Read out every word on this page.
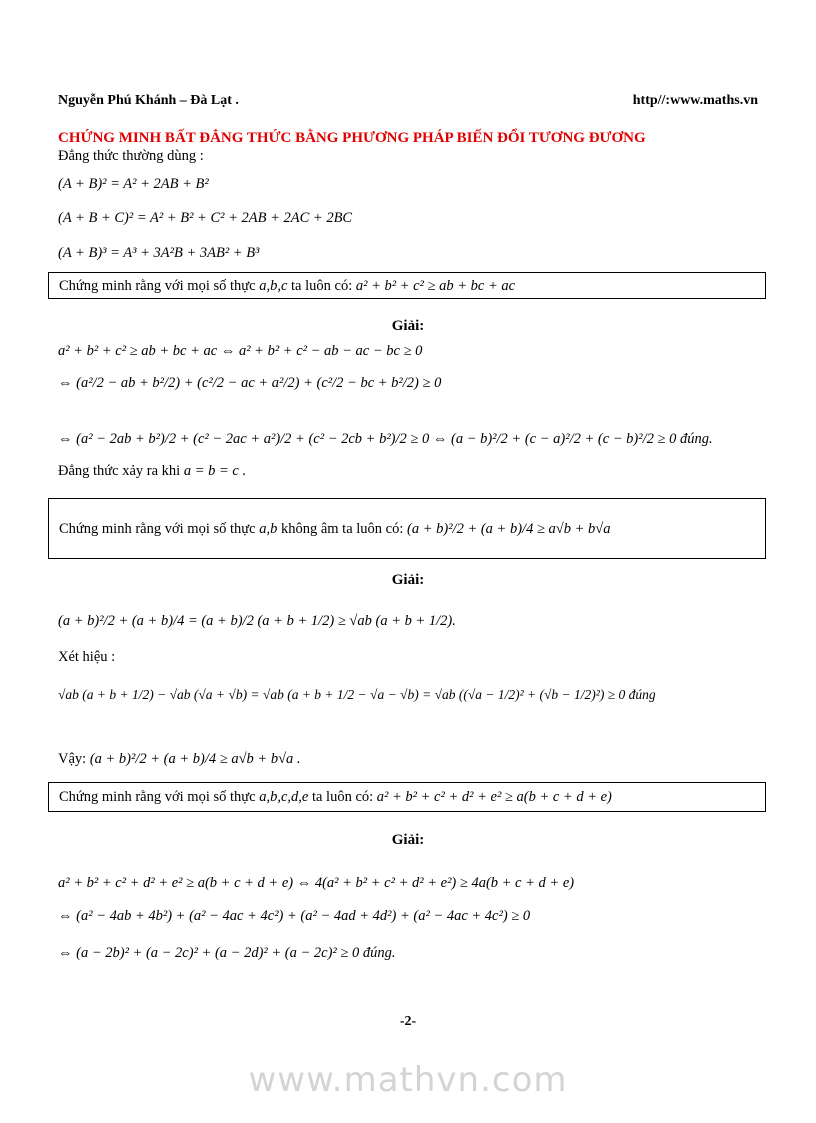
Nguyễn Phú Khánh – Đà Lạt .	http//:www.maths.vn
CHỨNG MINH BẤT ĐẲNG THỨC BẰNG PHƯƠNG PHÁP BIẾN ĐỔI TƯƠNG ĐƯƠNG
Đẳng thức thường dùng :
(A + B)² = A² + 2AB + B²
(A + B + C)² = A² + B² + C² + 2AB + 2AC + 2BC
(A + B)³ = A³ + 3A²B + 3AB² + B³
Chứng minh rằng với mọi số thực a,b,c ta luôn có: a² + b² + c² ≥ ab + bc + ac
Giải:
a² + b² + c² ≥ ab + bc + ac ⇔ a² + b² + c² − ab − ac − bc ≥ 0
⇔ (a²/2 − ab + b²/2) + (c²/2 − ac + a²/2) + (c²/2 − bc + b²/2) ≥ 0
⇔ (a² − 2ab + b²)/2 + (c² − 2ac + a²)/2 + (c² − 2cb + b²)/2 ≥ 0 ⇔ (a − b)²/2 + (c − a)²/2 + (c − b)²/2 ≥ 0 đúng.
Đẳng thức xảy ra khi a = b = c .
Chứng minh rằng với mọi số thực a,b không âm ta luôn có: (a + b)²/2 + (a + b)/4 ≥ a√b + b√a
Giải:
(a + b)²/2 + (a + b)/4 = (a + b)/2 (a + b + 1/2) ≥ √ab (a + b + 1/2).
Xét hiệu :
√ab (a + b + 1/2) − √ab (√a + √b) = √ab (a + b + 1/2 − √a − √b) = √ab ((√a − 1/2)² + (√b − 1/2)²) ≥ 0 đúng
Vậy: (a + b)²/2 + (a + b)/4 ≥ a√b + b√a .
Chứng minh rằng với mọi số thực a,b,c,d,e ta luôn có: a² + b² + c² + d² + e² ≥ a(b + c + d + e)
Giải:
a² + b² + c² + d² + e² ≥ a(b + c + d + e) ⇔ 4(a² + b² + c² + d² + e²) ≥ 4a(b + c + d + e)
⇔ (a² − 4ab + 4b²) + (a² − 4ac + 4c²) + (a² − 4ad + 4d²) + (a² − 4ac + 4c²) ≥ 0
⇔ (a − 2b)² + (a − 2c)² + (a − 2d)² + (a − 2c)² ≥ 0 đúng.
-2-
www.mathvn.com
